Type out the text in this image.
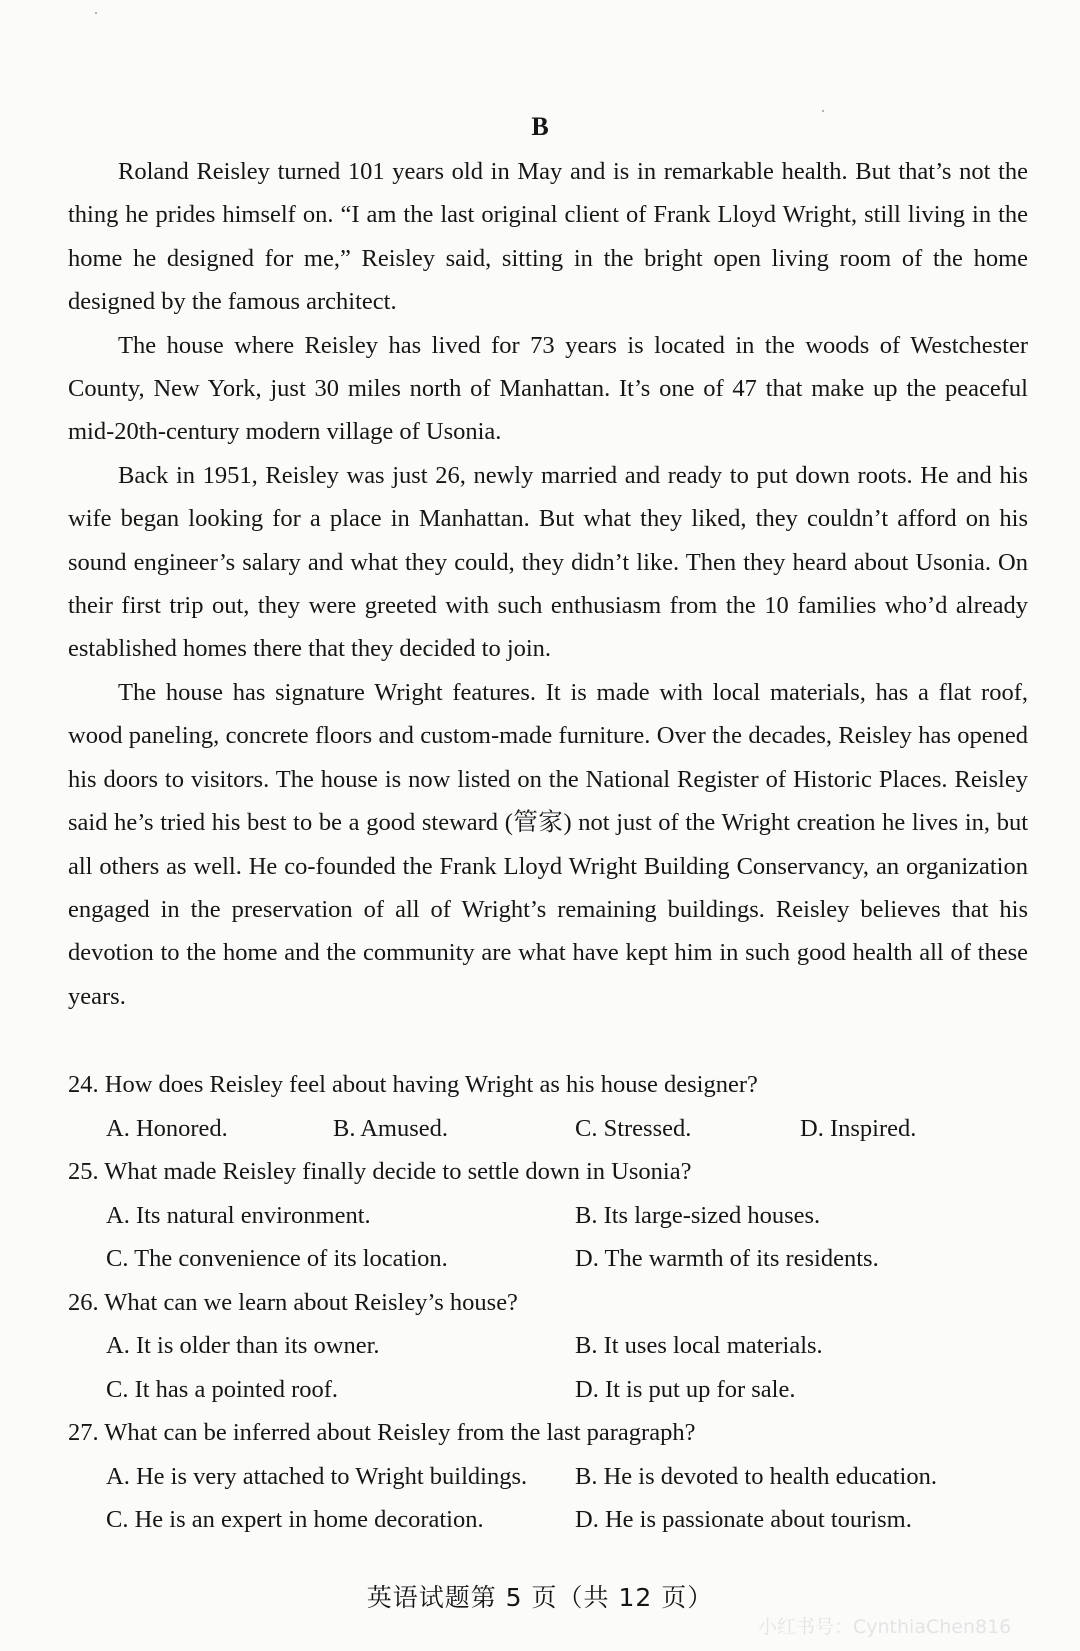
B

Roland Reisley turned 101 years old in May and is in remarkable health. But that’s not the thing he prides himself on. “I am the last original client of Frank Lloyd Wright, still living in the home he designed for me,” Reisley said, sitting in the bright open living room of the home designed by the famous architect.

The house where Reisley has lived for 73 years is located in the woods of Westchester County, New York, just 30 miles north of Manhattan. It’s one of 47 that make up the peaceful mid-20th-century modern village of Usonia.

Back in 1951, Reisley was just 26, newly married and ready to put down roots. He and his wife began looking for a place in Manhattan. But what they liked, they couldn’t afford on his sound engineer’s salary and what they could, they didn’t like. Then they heard about Usonia. On their first trip out, they were greeted with such enthusiasm from the 10 families who’d already established homes there that they decided to join.

The house has signature Wright features. It is made with local materials, has a flat roof, wood paneling, concrete floors and custom-made furniture. Over the decades, Reisley has opened his doors to visitors. The house is now listed on the National Register of Historic Places. Reisley said he’s tried his best to be a good steward (管家) not just of the Wright creation he lives in, but all others as well. He co-founded the Frank Lloyd Wright Building Conservancy, an organization engaged in the preservation of all of Wright’s remaining buildings. Reisley believes that his devotion to the home and the community are what have kept him in such good health all of these years.

24. How does Reisley feel about having Wright as his house designer?
A. Honored.	B. Amused.	C. Stressed.	D. Inspired.
25. What made Reisley finally decide to settle down in Usonia?
A. Its natural environment.	B. Its large-sized houses.
C. The convenience of its location.	D. The warmth of its residents.
26. What can we learn about Reisley’s house?
A. It is older than its owner.	B. It uses local materials.
C. It has a pointed roof.	D. It is put up for sale.
27. What can be inferred about Reisley from the last paragraph?
A. He is very attached to Wright buildings. B. He is devoted to health education.
C. He is an expert in home decoration.	D. He is passionate about tourism.
英语试题第 5 页（共 12 页）
小红书号：CynthiaChen816
